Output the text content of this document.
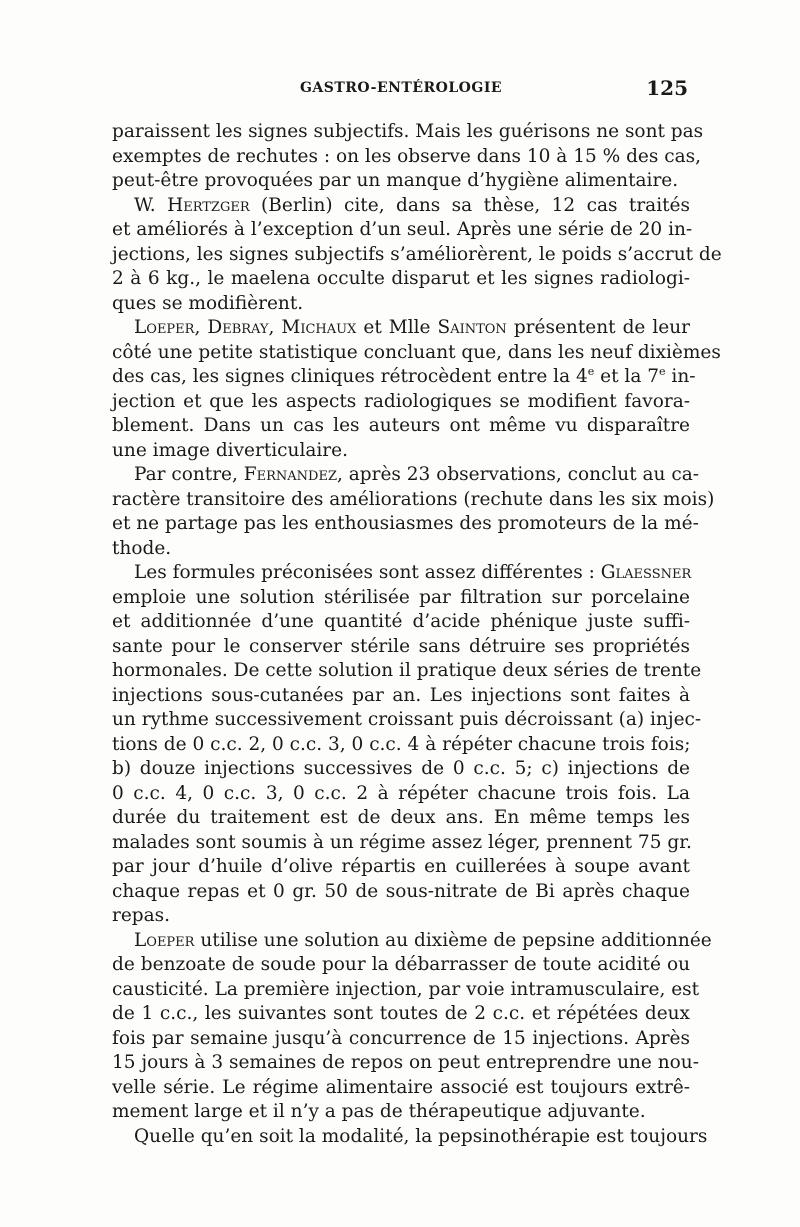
GASTRO-ENTÉROLOGIE	125
paraissent les signes subjectifs. Mais les guérisons ne sont pas
exemptes de rechutes : on les observe dans 10 à 15 % des cas,
peut-être provoquées par un manque d’hygiène alimentaire.
W. Hertzger (Berlin) cite, dans sa thèse, 12 cas traités
et améliorés à l’exception d’un seul. Après une série de 20 in-
jections, les signes subjectifs s’améliorèrent, le poids s’accrut de
2 à 6 kg., le maelena occulte disparut et les signes radiologi-
ques se modifièrent.
Loeper, Debray, Michaux et Mlle Sainton présentent de leur
côté une petite statistique concluant que, dans les neuf dixièmes
des cas, les signes cliniques rétrocèdent entre la 4e et la 7e in-
jection et que les aspects radiologiques se modifient favora-
blement. Dans un cas les auteurs ont même vu disparaître
une image diverticulaire.
Par contre, Fernandez, après 23 observations, conclut au ca-
ractère transitoire des améliorations (rechute dans les six mois)
et ne partage pas les enthousiasmes des promoteurs de la mé-
thode.
Les formules préconisées sont assez différentes : Glaessner
emploie une solution stérilisée par filtration sur porcelaine
et additionnée d’une quantité d’acide phénique juste suffi-
sante pour le conserver stérile sans détruire ses propriétés
hormonales. De cette solution il pratique deux séries de trente
injections sous-cutanées par an. Les injections sont faites à
un rythme successivement croissant puis décroissant (a) injec-
tions de 0 c.c. 2, 0 c.c. 3, 0 c.c. 4 à répéter chacune trois fois;
b) douze injections successives de 0 c.c. 5; c) injections de
0 c.c. 4, 0 c.c. 3, 0 c.c. 2 à répéter chacune trois fois. La
durée du traitement est de deux ans. En même temps les
malades sont soumis à un régime assez léger, prennent 75 gr.
par jour d’huile d’olive répartis en cuillerées à soupe avant
chaque repas et 0 gr. 50 de sous-nitrate de Bi après chaque
repas.
Loeper utilise une solution au dixième de pepsine additionnée
de benzoate de soude pour la débarrasser de toute acidité ou
causticité. La première injection, par voie intramusculaire, est
de 1 c.c., les suivantes sont toutes de 2 c.c. et répétées deux
fois par semaine jusqu’à concurrence de 15 injections. Après
15 jours à 3 semaines de repos on peut entreprendre une nou-
velle série. Le régime alimentaire associé est toujours extrê-
mement large et il n’y a pas de thérapeutique adjuvante.
Quelle qu’en soit la modalité, la pepsinothérapie est toujours
